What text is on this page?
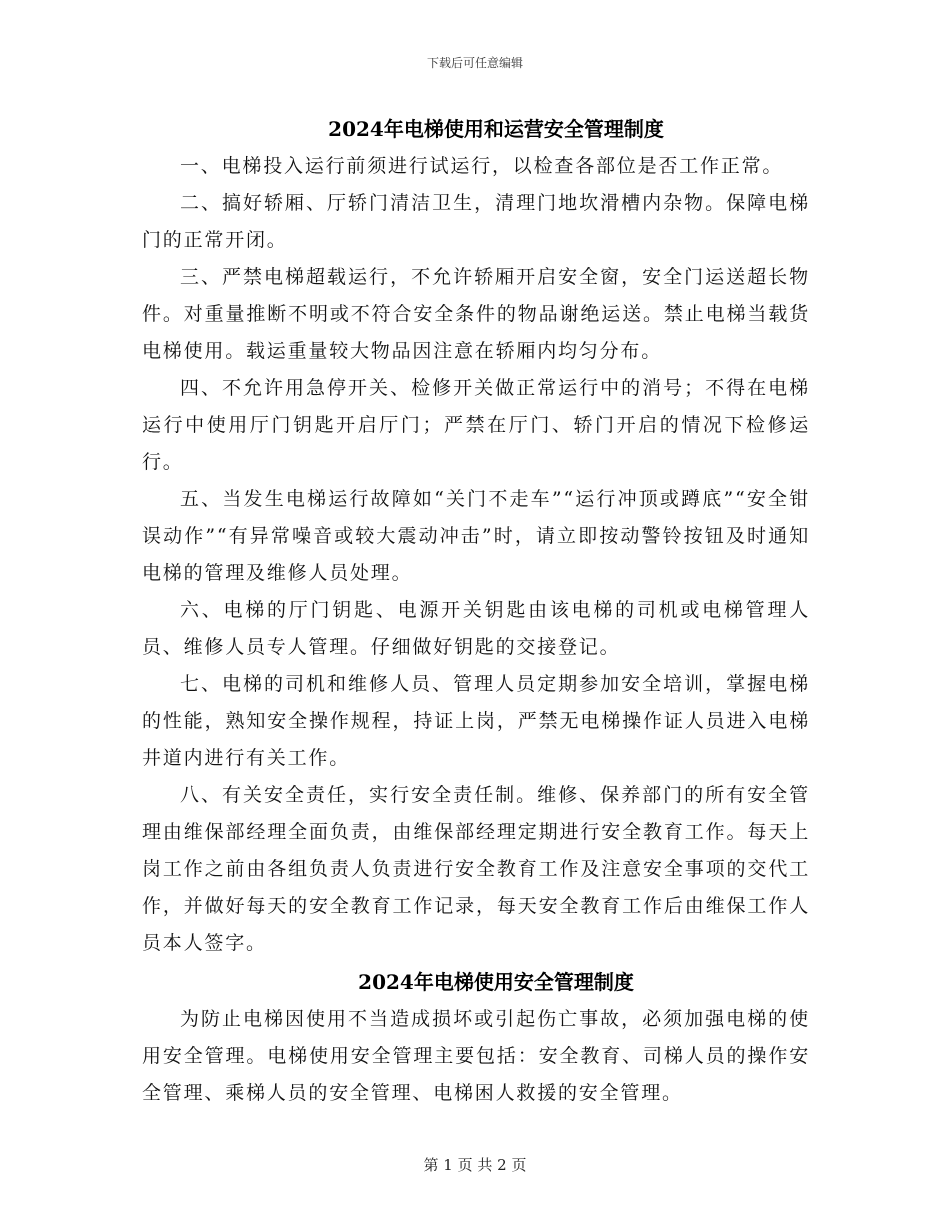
下载后可任意编辑
2024年电梯使用和运营安全管理制度

一、电梯投入运行前须进行试运行，以检查各部位是否工作正常。

二、搞好轿厢、厅轿门清洁卫生，清理门地坎滑槽内杂物。保障电梯门的正常开闭。

三、严禁电梯超载运行，不允许轿厢开启安全窗，安全门运送超长物件。对重量推断不明或不符合安全条件的物品谢绝运送。禁止电梯当载货电梯使用。载运重量较大物品因注意在轿厢内均匀分布。

四、不允许用急停开关、检修开关做正常运行中的消号；不得在电梯运行中使用厅门钥匙开启厅门；严禁在厅门、轿门开启的情况下检修运行。

五、当发生电梯运行故障如“关门不走车”“运行冲顶或蹲底”“安全钳误动作”“有异常噪音或较大震动冲击”时，请立即按动警铃按钮及时通知电梯的管理及维修人员处理。

六、电梯的厅门钥匙、电源开关钥匙由该电梯的司机或电梯管理人员、维修人员专人管理。仔细做好钥匙的交接登记。

七、电梯的司机和维修人员、管理人员定期参加安全培训，掌握电梯的性能，熟知安全操作规程，持证上岗，严禁无电梯操作证人员进入电梯井道内进行有关工作。

八、有关安全责任，实行安全责任制。维修、保养部门的所有安全管理由维保部经理全面负责，由维保部经理定期进行安全教育工作。每天上岗工作之前由各组负责人负责进行安全教育工作及注意安全事项的交代工作，并做好每天的安全教育工作记录，每天安全教育工作后由维保工作人员本人签字。

2024年电梯使用安全管理制度

为防止电梯因使用不当造成损坏或引起伤亡事故，必须加强电梯的使用安全管理。电梯使用安全管理主要包括：安全教育、司梯人员的操作安全管理、乘梯人员的安全管理、电梯困人救援的安全管理。

第 1 页 共 2 页
